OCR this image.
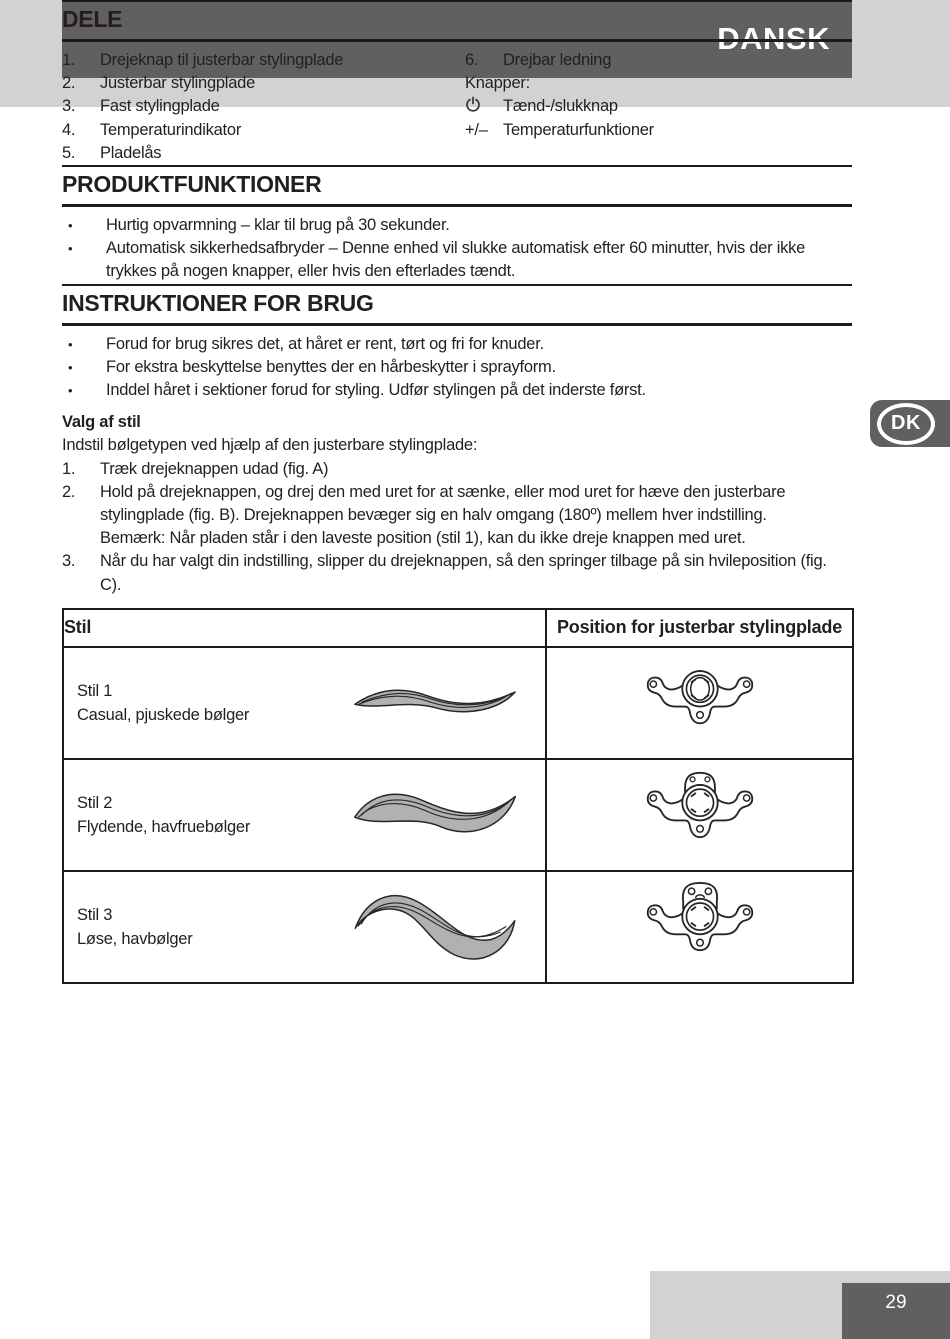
DANSK
DK
DELE
1.	Drejeknap til justerbar stylingplade
2.	Justerbar stylingplade
3.	Fast stylingplade
4.	Temperaturindikator
5.	Pladelås
6.	Drejbar ledning
Knapper:
Tænd-/slukknap
+/– Temperaturfunktioner
PRODUKTFUNKTIONER
•	Hurtig opvarmning – klar til brug på 30 sekunder.
•	Automatisk sikkerhedsafbryder – Denne enhed vil slukke automatisk efter 60 minutter, hvis der ikke trykkes på nogen knapper, eller hvis den efterlades tændt.
INSTRUKTIONER FOR BRUG
•	Forud for brug sikres det, at håret er rent, tørt og fri for knuder.
•	For ekstra beskyttelse benyttes der en hårbeskytter i sprayform.
•	Inddel håret i sektioner forud for styling. Udfør stylingen på det inderste først.
Valg af stil
Indstil bølgetypen ved hjælp af den justerbare stylingplade:
1.	Træk drejeknappen udad (fig. A)
2.	Hold på drejeknappen, og drej den med uret for at sænke, eller mod uret for hæve den justerbare stylingplade (fig. B). Drejeknappen bevæger sig en halv omgang (180º) mellem hver indstilling.
Bemærk: Når pladen står i den laveste position (stil 1), kan du ikke dreje knappen med uret.
3.	Når du har valgt din indstilling, slipper du drejeknappen, så den springer tilbage på sin hvileposition (fig. C).
Stil	Position for justerbar stylingplade

Stil 1
Casual, pjuskede bølger

Stil 2
Flydende, havfruebølger

Stil 3
Løse, havbølger

29
